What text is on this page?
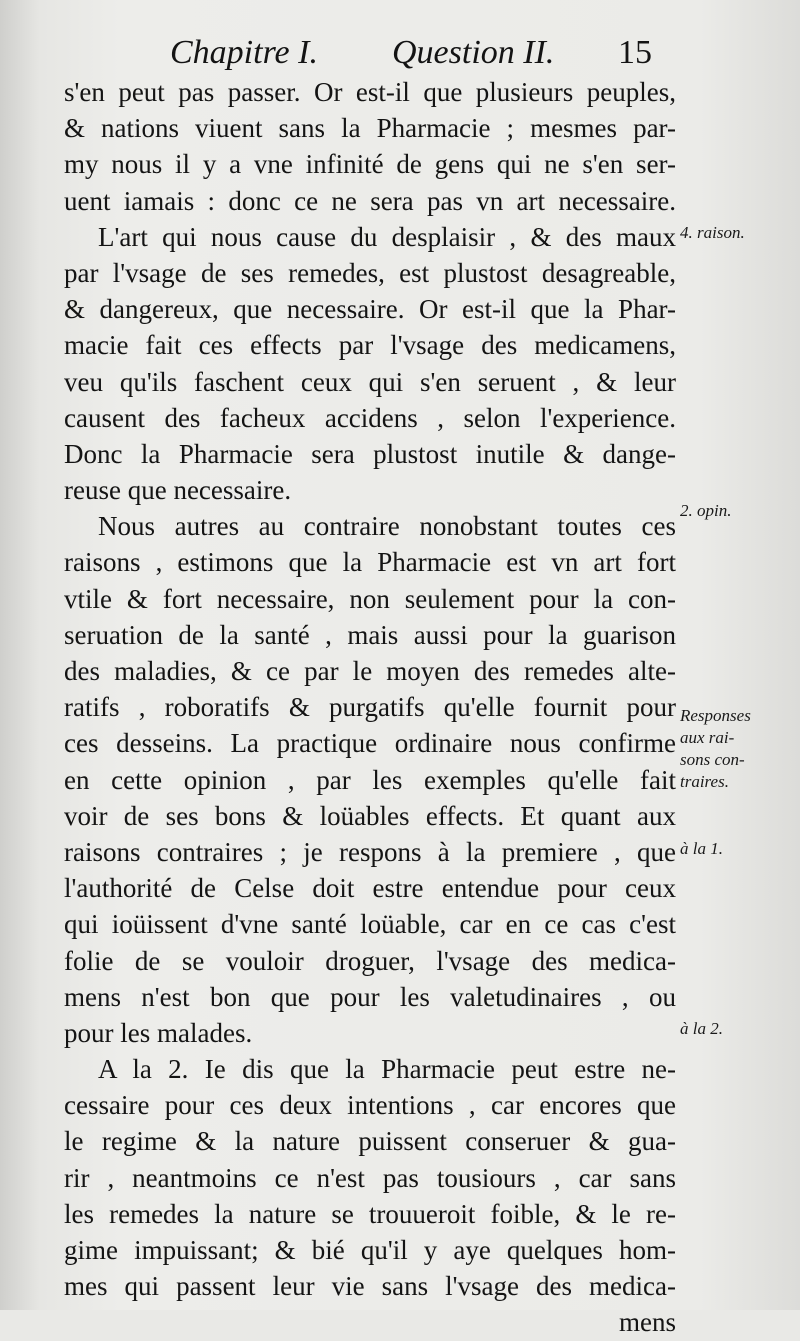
Chapitre I. Question II. 15
s'en peut pas passer. Or est-il que plusieurs peuples,
& nations viuent sans la Pharmacie ; mesmes par-
my nous il y a vne infinité de gens qui ne s'en ser-
uent iamais : donc ce ne sera pas vn art necessaire.
L'art qui nous cause du desplaisir , & des maux
par l'vsage de ses remedes, est plustost desagreable,
& dangereux, que necessaire. Or est-il que la Phar-
macie fait ces effects par l'vsage des medicamens,
veu qu'ils faschent ceux qui s'en seruent , & leur
causent des facheux accidens , selon l'experience.
Donc la Pharmacie sera plustost inutile & dange-
reuse que necessaire.
Nous autres au contraire nonobstant toutes ces
raisons , estimons que la Pharmacie est vn art fort
vtile & fort necessaire, non seulement pour la con-
seruation de la santé , mais aussi pour la guarison
des maladies, & ce par le moyen des remedes alte-
ratifs , roboratifs & purgatifs qu'elle fournit pour
ces desseins. La practique ordinaire nous confirme
en cette opinion , par les exemples qu'elle fait
voir de ses bons & loüables effects. Et quant aux
raisons contraires ; je respons à la premiere , que
l'authorité de Celse doit estre entendue pour ceux
qui ioüissent d'vne santé loüable, car en ce cas c'est
folie de se vouloir droguer, l'vsage des medica-
mens n'est bon que pour les valetudinaires , ou
pour les malades.
A la 2. Ie dis que la Pharmacie peut estre ne-
cessaire pour ces deux intentions , car encores que
le regime & la nature puissent conseruer & gua-
rir , neantmoins ce n'est pas tousiours , car sans
les remedes la nature se trouueroit foible, & le re-
gime impuissant; & bié qu'il y aye quelques hom-
mes qui passent leur vie sans l'vsage des medica-
mens
4. raison.
2. opin.
Responses
aux rai-
sons con-
traires.
à la 1.
à la 2.
